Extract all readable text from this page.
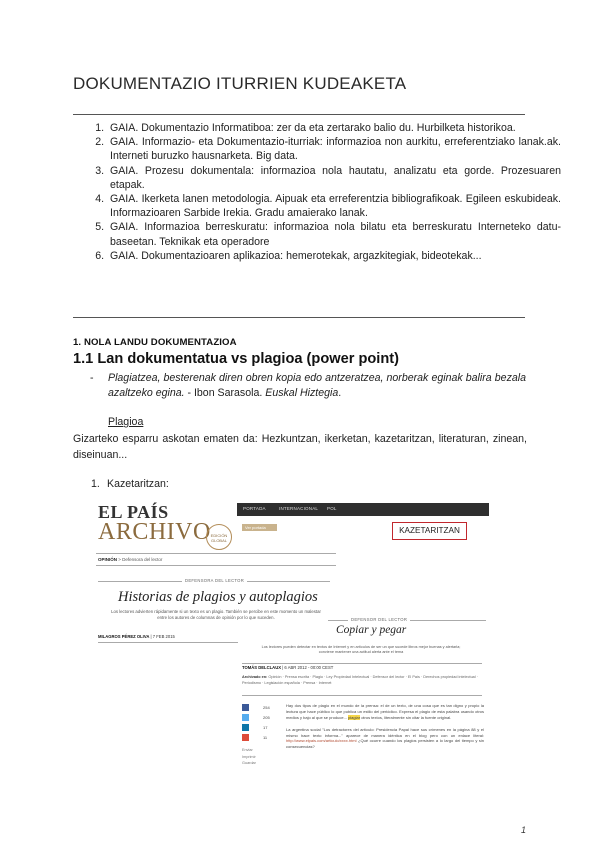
DOKUMENTAZIO ITURRIEN KUDEAKETA
1. GAIA. Dokumentazio Informatiboa: zer da eta zertarako balio du. Hurbilketa historikoa.
2. GAIA. Informazio- eta Dokumentazio-iturriak: informazioa non aurkitu, erreferentziako lanak.ak. Interneti buruzko hausnarketa. Big data.
3. GAIA. Prozesu dokumentala: informazioa nola hautatu, analizatu eta gorde. Prozesuaren etapak.
4. GAIA. Ikerketa lanen metodologia. Aipuak eta erreferentzia bibliografikoak. Egileen eskubideak. Informazioaren Sarbide Irekia. Gradu amaierako lanak.
5. GAIA. Informazioa berreskuratu: informazioa nola bilatu eta berreskuratu Interneteko datu-baseetan. Teknikak eta operadore
6. GAIA. Dokumentazioaren aplikazioa: hemerotekak, argazkitegiak, bideotekak...
1. NOLA LANDU DOKUMENTAZIOA
1.1 Lan dokumentatua vs plagioa (power point)
- Plagiatzea, besterenak diren obren kopia edo antzeratzea, norberak eginak balira bezala azaltzeko egina. - Ibon Sarasola. Euskal Hiztegia.
Plagioa
Gizarteko esparru askotan ematen da: Hezkuntzan, ikerketan, kazetaritzan, literaturan, zinean, diseinuan...
1. Kazetaritzan:
EL PAÍS
ARCHIVO EDICIÓN GLOBAL
PORTADA	INTERNACIONAL POL
Ver portada	KAZETARITZAN
OPINIÓN > Defensora del lector
DEFENSORA DEL LECTOR
Historias de plagios y autoplagios
Los lectores advierten rápidamente si un texto es un plagio. También se percibe en este momento un malestar entre los autores de columnas de opinión por lo que suceden.
MILAGROS PÉREZ OLIVA | 7 FEB 2015
DEFENSOR DEL LECTOR
Copiar y pegar
Los lectores pueden detectar en textos de Internet y en artículos de ser un que sucede libros mejor buenas y alertarla; conviene mantener una actitud alerta ante el tema
TOMÁS DELCLAUX | 6 ABR 2012 - 00:00 CEST
Archivado en: Opinión · Prensa escrita · Plagio · Ley Propiedad Intelectual · Defensor del lector · El País · Derechos propiedad intelectual · Periodismo · Legislación española · Prensa · Internet
254
205
17
11
Enviar
Imprimir
Guardar
Hay dos tipos de plagio en el mundo de la prensa: el de un texto, de una cosa que es tan digno y propio la lectura que hace público lo que publica un estilo del periódico. Expresa el plagio de esta palabra usando otros medios y bajo al que se produce... plagiar otros textos, literalmente sin citar la fuente original.

La argentina social "Los detractores del artículo: Presidencia Papal hace sus crímenes en la página 88 y el mismo hace texto informa..." aparece de manera idéntica en el blog pero con un enlace literal: http://www.elpais.com/articulo/xxxx.html ¿Qué ocurre cuando los plagios persisten a lo largo del tiempo y sin consecuencias?
1
